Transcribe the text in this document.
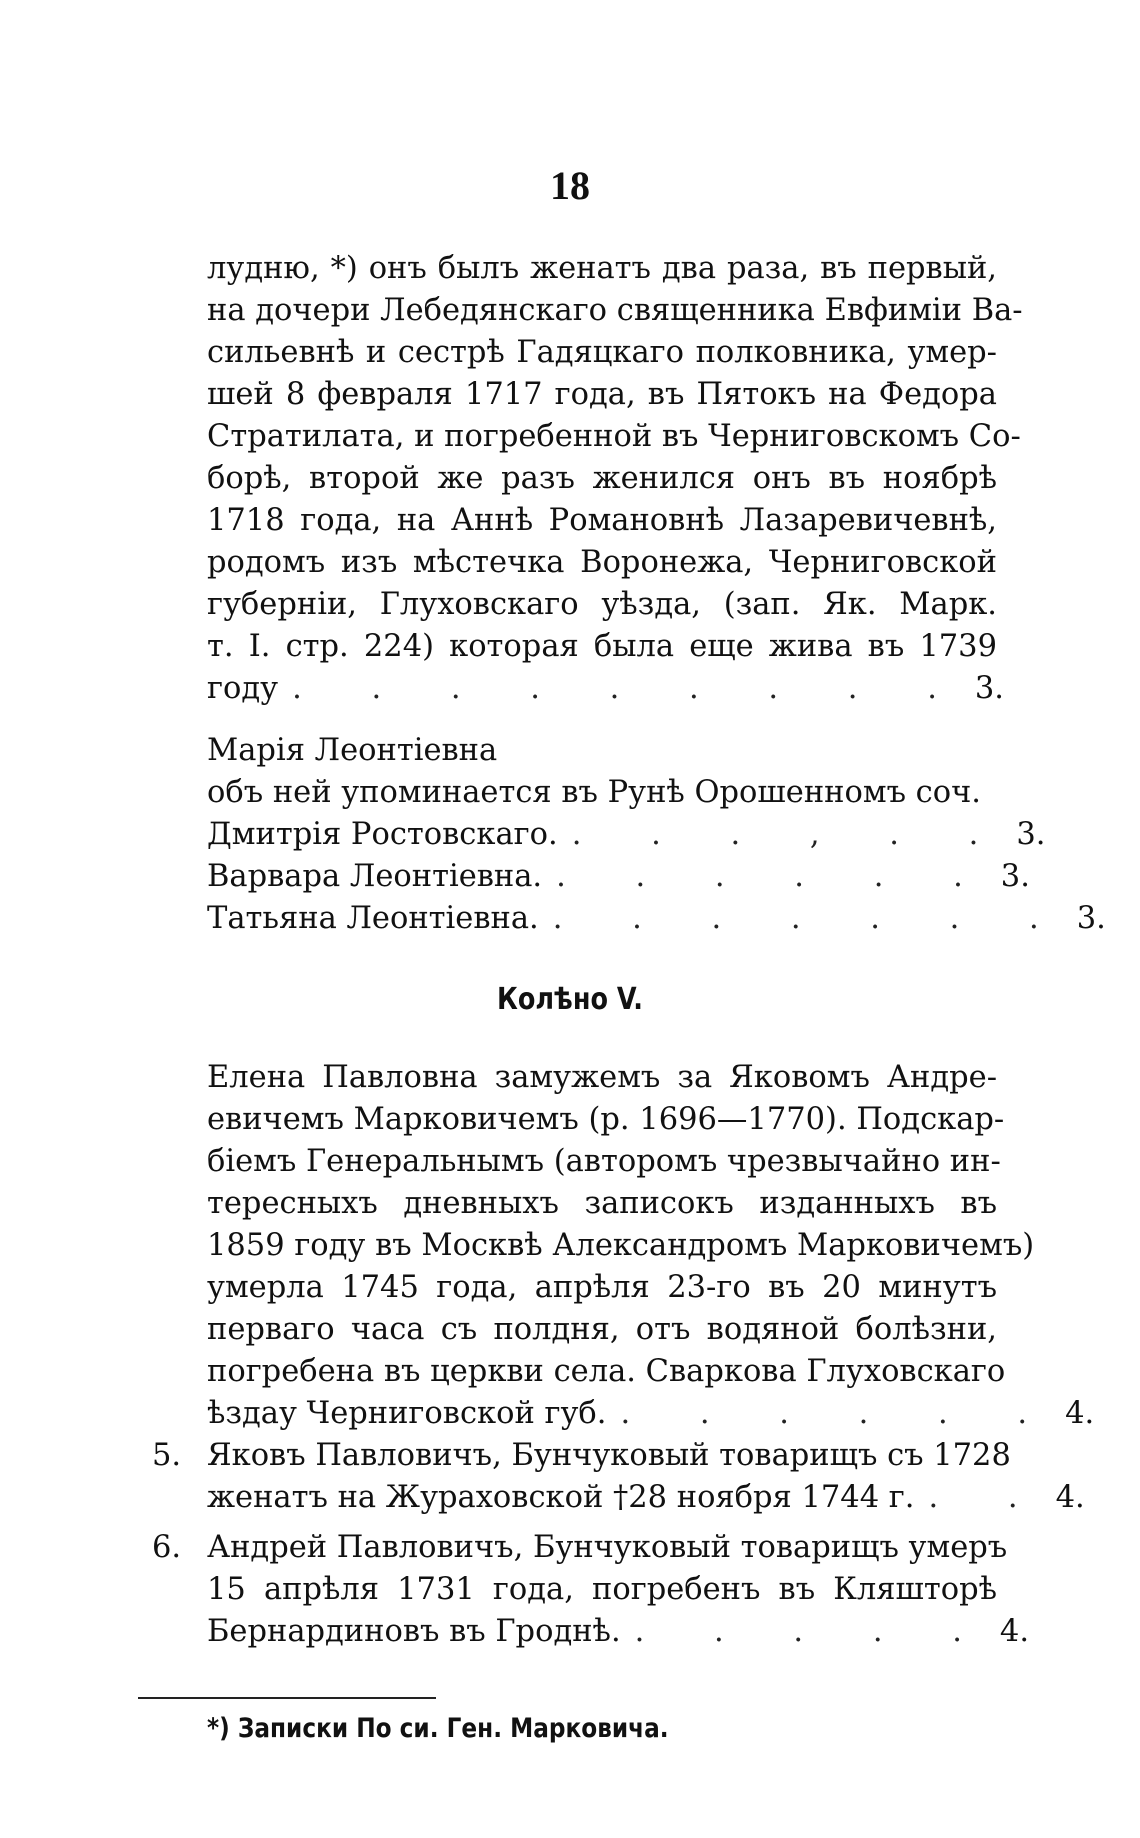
18
лудню, *) онъ былъ женатъ два раза, въ первый,
на дочери Лебедянскаго священника Евфиміи Ва-
сильевнѣ и сестрѣ Гадяцкаго полковника, умер-
шей 8 февраля 1717 года, въ Пятокъ на Федора
Стратилата, и погребенной въ Черниговскомъ Со-
борѣ, второй же разъ женился онъ въ ноябрѣ
1718 года, на Аннѣ Романовнѣ Лазаревичевнѣ,
родомъ изъ мѣстечка Воронежа, Черниговской
губерніи, Глуховскаго уѣзда, (зап. Як. Марк.
т. I. стр. 224) которая была еще жива въ 1739
году . . . . . . . . . 3.
Марія Леонтіевна
объ ней упоминается въ Рунѣ Орошенномъ соч.
Дмитрія Ростовскаго. . . . , . . 3.
Варвара Леонтіевна. . . . . . . 3.
Татьяна Леонтіевна. . . . . . . . 3.
Колѣно V.
Елена Павловна замужемъ за Яковомъ Андре-
евичемъ Марковичемъ (р. 1696—1770). Подскар-
біемъ Генеральнымъ (авторомъ чрезвычайно ин-
тересныхъ дневныхъ записокъ изданныхъ въ
1859 году въ Москвѣ Александромъ Марковичемъ)
умерла 1745 года, апрѣля 23-го въ 20 минутъ
перваго часа съ полдня, отъ водяной болѣзни,
погребена въ церкви села. Сваркова Глуховскаго
ѣздау Черниговской губ. . . . . . . 4.
5. Яковъ Павловичъ, Бунчуковый товарищъ съ 1728
женатъ на Жураховской †28 ноября 1744 г. . . 4.
6. Андрей Павловичъ, Бунчуковый товарищъ умеръ
15 апрѣля 1731 года, погребенъ въ Кляшторѣ
Бернардиновъ въ Гроднѣ. . . . . . 4.
*) Записки По си. Ген. Марковича.
